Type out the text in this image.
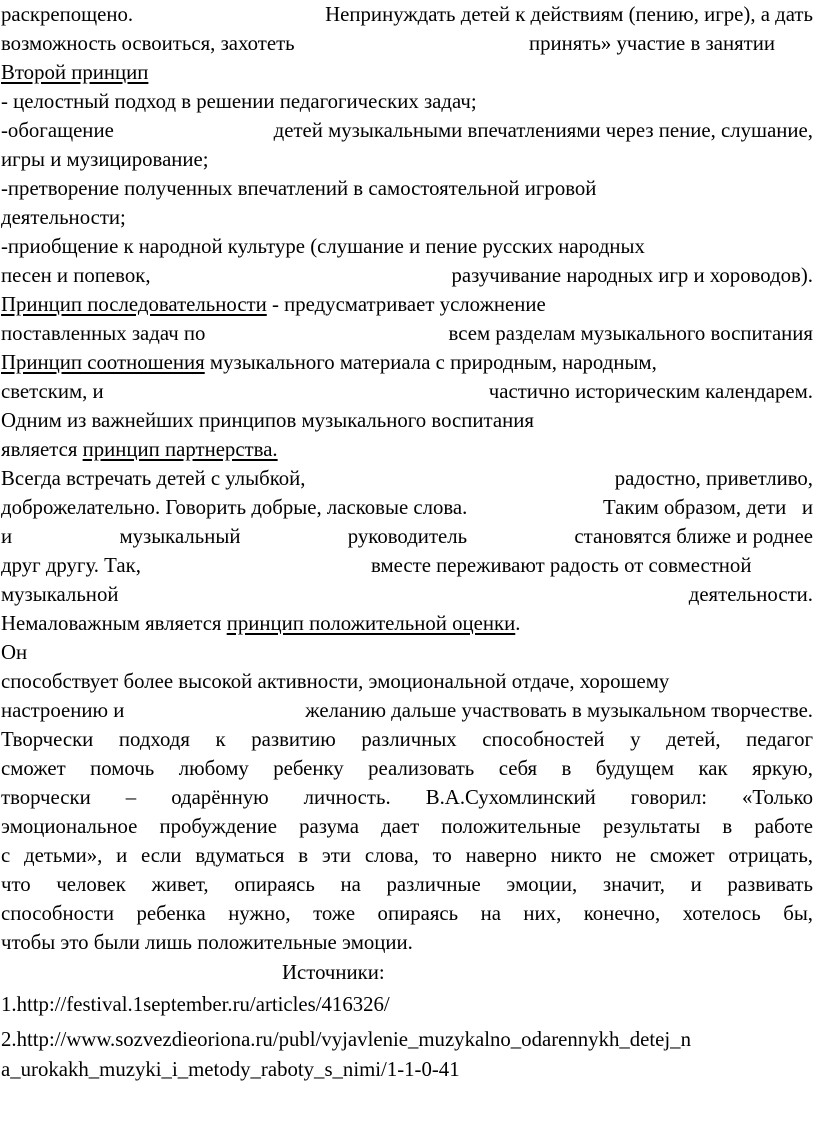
раскрепощено.	Непринуждать детей к действиям (пению, игре), а дать
возможность освоиться, захотеть	принять» участие в занятии
Второй принцип
- целостный подход в решении педагогических задач;
-обогащение	детей музыкальными впечатлениями через пение, слушание,
игры и музицирование;
-претворение полученных впечатлений в самостоятельной игровой
деятельности;
-приобщение к народной культуре (слушание и пение русских народных
песен и попевок,	разучивание народных игр и хороводов).
Принцип последовательности - предусматривает усложнение
поставленных задач по	всем разделам музыкального воспитания
Принцип соотношения музыкального материала с природным, народным,
светским, и	частично историческим календарем.
Одним из важнейших принципов музыкального воспитания
является принцип партнерства.
Всегда встречать детей с улыбкой,	радостно, приветливо,
доброжелательно. Говорить добрые, ласковые слова.	Таким образом, дети   и
и	музыкальный	руководитель	становятся ближе и роднее
друг другу. Так,	вместе переживают радость от совместной
музыкальной	деятельности.
Немаловажным является принцип положительной оценки.
Он
способствует более высокой активности, эмоциональной отдаче, хорошему
настроению и	желанию дальше участвовать в музыкальном творчестве.
Творчески подходя к развитию различных способностей у детей, педагог
сможет помочь любому ребенку реализовать себя в будущем как яркую,
творчески – одарённую личность. В.А.Сухомлинский говорил: «Только
эмоциональное пробуждение разума дает положительные результаты в работе
с детьми», и если вдуматься в эти слова, то наверно никто не сможет отрицать,
что человек живет, опираясь на различные эмоции, значит, и развивать
способности ребенка нужно, тоже опираясь на них, конечно, хотелось бы,
чтобы это были лишь положительные эмоции.
Источники:
1.http://festival.1september.ru/articles/416326/
2.http://www.sozvezdieoriona.ru/publ/vyjavlenie_muzykalno_odarennykh_detej_n
a_urokakh_muzyki_i_metody_raboty_s_nimi/1-1-0-41
